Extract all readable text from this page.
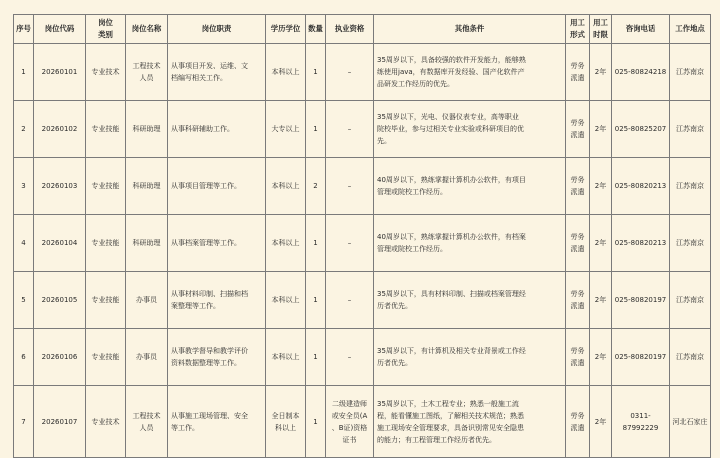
序号	岗位代码	岗位
类别	岗位名称	岗位职责	学历学位	数量	执业资格	其他条件	用工
形式	用工
时限	咨询电话	工作地点
1	20260101	专业技术	工程技术
人员	从事项目开发、运维、文
档编写相关工作。	本科以上	1	–	35周岁以下，具备较强的软件开发能力，能够熟
练使用java，有数据库开发经验、国产化软件产
品研发工作经历的优先。	劳务
派遣	2年	025-80824218	江苏南京
2	20260102	专业技能	科研助理	从事科研辅助工作。	大专以上	1	–	35周岁以下，光电、仪器仪表专业，高等职业
院校毕业，参与过相关专业实验或科研项目的优
先。	劳务
派遣	2年	025-80825207	江苏南京
3	20260103	专业技能	科研助理	从事项目管理等工作。	本科以上	2	–	40周岁以下，熟练掌握计算机办公软件，有项目
管理或院校工作经历。	劳务
派遣	2年	025-80820213	江苏南京
4	20260104	专业技能	科研助理	从事档案管理等工作。	本科以上	1	–	40周岁以下，熟练掌握计算机办公软件，有档案
管理或院校工作经历。	劳务
派遣	2年	025-80820213	江苏南京
5	20260105	专业技能	办事员	从事材料印制、扫描和档
案整理等工作。	本科以上	1	–	35周岁以下，具有材料印制、扫描或档案管理经
历者优先。	劳务
派遣	2年	025-80820197	江苏南京
6	20260106	专业技能	办事员	从事教学督导和教学评价
资料数据整理等工作。	本科以上	1	–	35周岁以下，有计算机及相关专业背景或工作经
历者优先。	劳务
派遣	2年	025-80820197	江苏南京
7	20260107	专业技术	工程技术
人员	从事施工现场管理、安全
等工作。	全日制本
科以上	1	二级建造师
或安全员(A
、B证)资格
证书	35周岁以下，土木工程专业；熟悉一般施工流
程，能看懂施工图纸，了解相关技术规范；熟悉
施工现场安全管理要求，具备识别常见安全隐患
的能力；有工程管理工作经历者优先。	劳务
派遣	2年	0311-87992229	河北石家庄
